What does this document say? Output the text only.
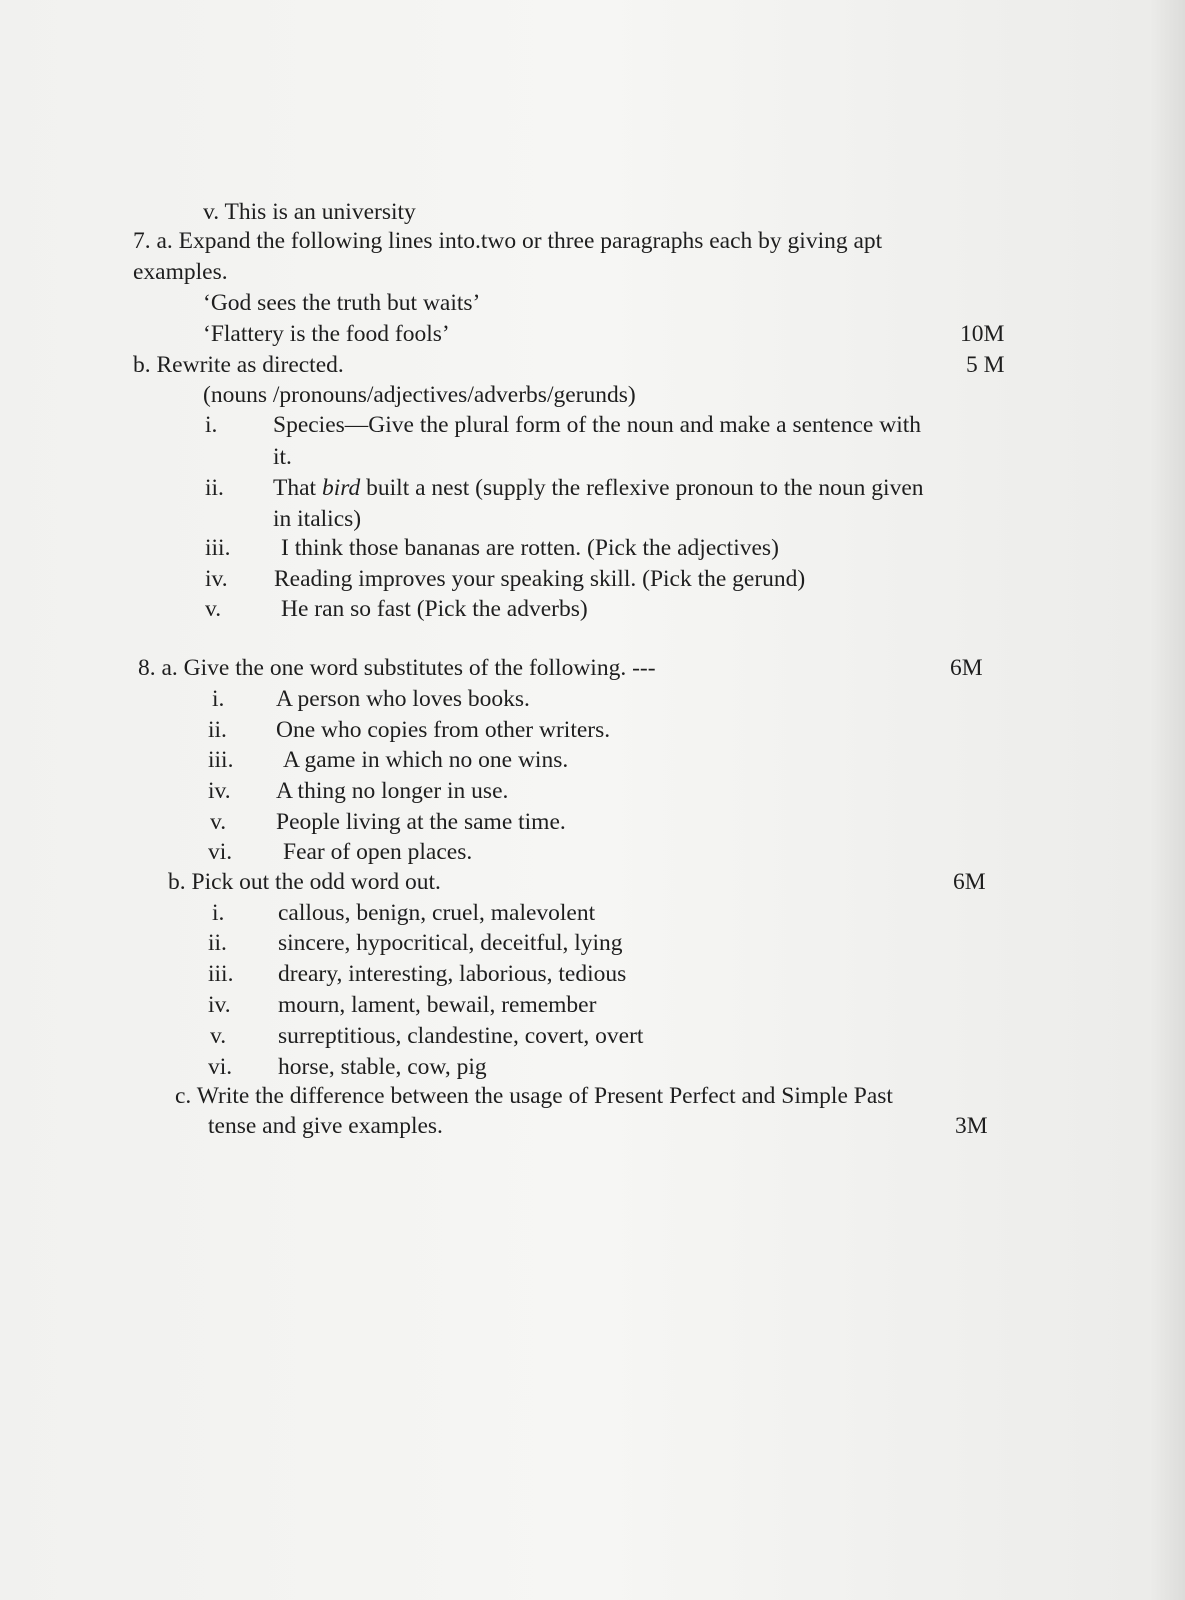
v. This is an university
7. a. Expand the following lines into.two or three paragraphs each by giving apt
examples.
‘God sees the truth but waits’
‘Flattery is the food fools’	10M
b. Rewrite as directed.	5 M
(nouns /pronouns/adjectives/adverbs/gerunds)
i. Species—Give the plural form of the noun and make a sentence with
it.
ii. That bird built a nest (supply the reflexive pronoun to the noun given
in italics)
iii. I think those bananas are rotten. (Pick the adjectives)
iv. Reading improves your speaking skill. (Pick the gerund)
v.	He ran so fast (Pick the adverbs)
8. a. Give the one word substitutes of the following. ---	6M
i. A person who loves books.
ii. One who copies from other writers.
iii. A game in which no one wins.
iv. A thing no longer in use.
v. People living at the same time.
vi. Fear of open places.
b. Pick out the odd word out.	6M
i. callous, benign, cruel, malevolent
ii. sincere, hypocritical, deceitful, lying
iii. dreary, interesting, laborious, tedious
iv. mourn, lament, bewail, remember
v. surreptitious, clandestine, covert, overt
vi. horse, stable, cow, pig
c. Write the difference between the usage of Present Perfect and Simple Past
tense and give examples.	3M
